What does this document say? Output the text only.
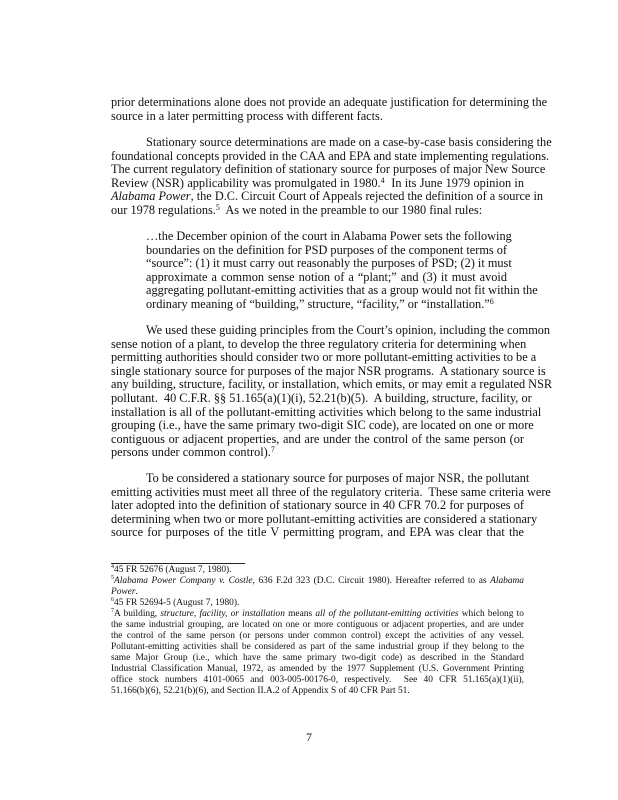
prior determinations alone does not provide an adequate justification for determining the
source in a later permitting process with different facts.
Stationary source determinations are made on a case-by-case basis considering the
foundational concepts provided in the CAA and EPA and state implementing regulations.
The current regulatory definition of stationary source for purposes of major New Source
Review (NSR) applicability was promulgated in 1980.$^4$  In its June 1979 opinion in
Alabama Power, the D.C. Circuit Court of Appeals rejected the definition of a source in
our 1978 regulations.$^5$  As we noted in the preamble to our 1980 final rules:
…the December opinion of the court in Alabama Power sets the following
boundaries on the definition for PSD purposes of the component terms of
“source”: (1) it must carry out reasonably the purposes of PSD; (2) it must
approximate a common sense notion of a “plant;” and (3) it must avoid
aggregating pollutant-emitting activities that as a group would not fit within the
ordinary meaning of “building,” structure, “facility,” or “installation.”$^6$
We used these guiding principles from the Court’s opinion, including the common
sense notion of a plant, to develop the three regulatory criteria for determining when
permitting authorities should consider two or more pollutant-emitting activities to be a
single stationary source for purposes of the major NSR programs.  A stationary source is
any building, structure, facility, or installation, which emits, or may emit a regulated NSR
pollutant.  40 C.F.R. §§ 51.165(a)(1)(i), 52.21(b)(5).  A building, structure, facility, or
installation is all of the pollutant-emitting activities which belong to the same industrial
grouping (i.e., have the same primary two-digit SIC code), are located on one or more
contiguous or adjacent properties, and are under the control of the same person (or
persons under common control).$^7$
To be considered a stationary source for purposes of major NSR, the pollutant
emitting activities must meet all three of the regulatory criteria.  These same criteria were
later adopted into the definition of stationary source in 40 CFR 70.2 for purposes of
determining when two or more pollutant-emitting activities are considered a stationary
source for purposes of the title V permitting program, and EPA was clear that the
$^4$45 FR 52676 (August 7, 1980).
$^5$Alabama Power Company v. Costle, 636 F.2d 323 (D.C. Circuit 1980). Hereafter referred to as Alabama
Power.
$^6$45 FR 52694-5 (August 7, 1980).
$^7$A building, structure, facility, or installation means all of the pollutant-emitting activities which belong to
the same industrial grouping, are located on one or more contiguous or adjacent properties, and are under
the control of the same person (or persons under common control) except the activities of any vessel.
Pollutant-emitting activities shall be considered as part of the same industrial group if they belong to the
same Major Group (i.e., which have the same primary two-digit code) as described in the Standard
Industrial Classification Manual, 1972, as amended by the 1977 Supplement (U.S. Government Printing
office stock numbers 4101-0065 and 003-005-00176-0, respectively.  See 40 CFR 51.165(a)(1)(ii),
51.166(b)(6), 52.21(b)(6), and Section II.A.2 of Appendix S of 40 CFR Part 51.
7
